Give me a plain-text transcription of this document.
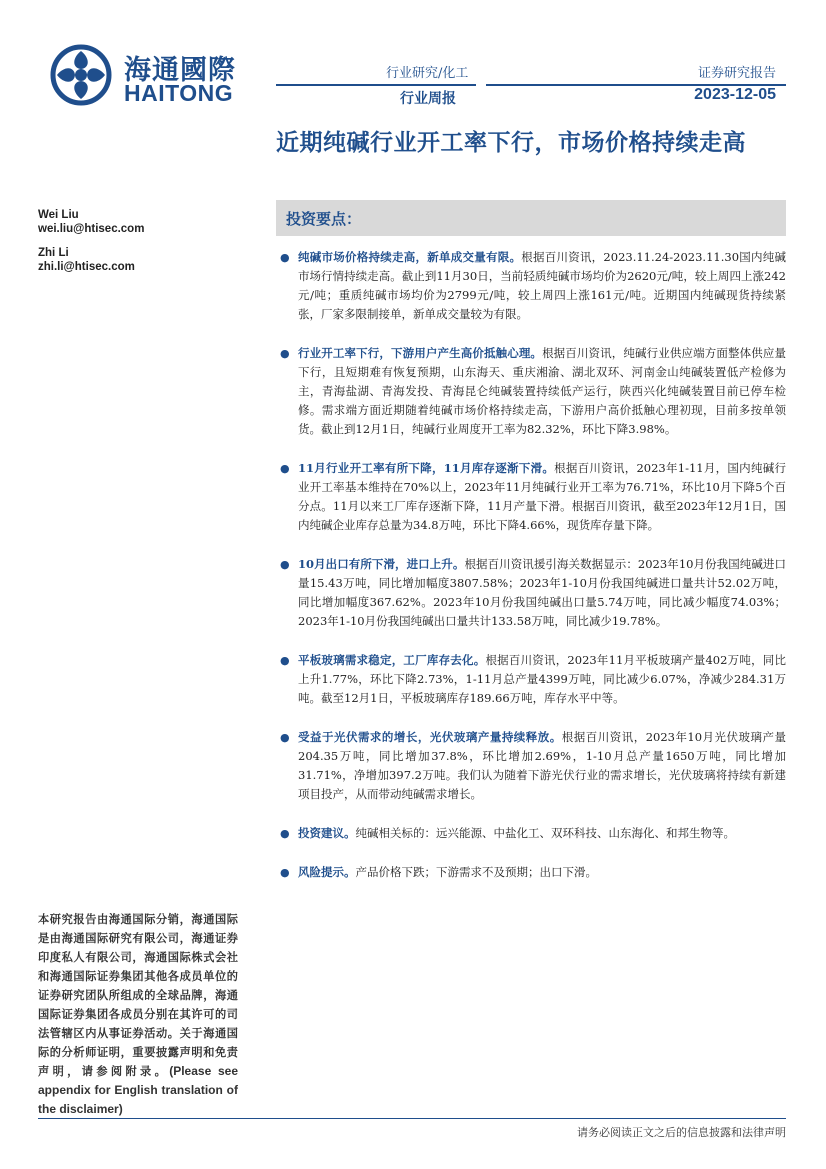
海通國際
HAITONG
行业研究/化工	证券研究报告
行业周报	2023-12-05
近期纯碱行业开工率下行，市场价格持续走高
Wei Liu
wei.liu@htisec.com
Zhi Li
zhi.li@htisec.com
投资要点：
● 纯碱市场价格持续走高，新单成交量有限。根据百川资讯，2023.11.24-2023.11.30国内纯碱市场行情持续走高。截止到11月30日，当前轻质纯碱市场均价为2620元/吨，较上周四上涨242元/吨；重质纯碱市场均价为2799元/吨，较上周四上涨161元/吨。近期国内纯碱现货持续紧张，厂家多限制接单，新单成交量较为有限。
● 行业开工率下行，下游用户产生高价抵触心理。根据百川资讯，纯碱行业供应端方面整体供应量下行，且短期难有恢复预期，山东海天、重庆湘渝、湖北双环、河南金山纯碱装置低产检修为主，青海盐湖、青海发投、青海昆仑纯碱装置持续低产运行，陕西兴化纯碱装置目前已停车检修。需求端方面近期随着纯碱市场价格持续走高，下游用户高价抵触心理初现，目前多按单领货。截止到12月1日，纯碱行业周度开工率为82.32%，环比下降3.98%。
● 11月行业开工率有所下降，11月库存逐渐下滑。根据百川资讯，2023年1-11月，国内纯碱行业开工率基本维持在70%以上，2023年11月纯碱行业开工率为76.71%，环比10月下降5个百分点。11月以来工厂库存逐渐下降，11月产量下滑。根据百川资讯，截至2023年12月1日，国内纯碱企业库存总量为34.8万吨，环比下降4.66%，现货库存量下降。
● 10月出口有所下滑，进口上升。根据百川资讯援引海关数据显示：2023年10月份我国纯碱进口量15.43万吨，同比增加幅度3807.58%；2023年1-10月份我国纯碱进口量共计52.02万吨，同比增加幅度367.62%。2023年10月份我国纯碱出口量5.74万吨，同比减少幅度74.03%；2023年1-10月份我国纯碱出口量共计133.58万吨，同比减少19.78%。
● 平板玻璃需求稳定，工厂库存去化。根据百川资讯，2023年11月平板玻璃产量402万吨，同比上升1.77%，环比下降2.73%，1-11月总产量4399万吨，同比减少6.07%，净减少284.31万吨。截至12月1日，平板玻璃库存189.66万吨，库存水平中等。
● 受益于光伏需求的增长，光伏玻璃产量持续释放。根据百川资讯，2023年10月光伏玻璃产量204.35万吨，同比增加37.8%，环比增加2.69%，1-10月总产量1650万吨，同比增加31.71%，净增加397.2万吨。我们认为随着下游光伏行业的需求增长，光伏玻璃将持续有新建项目投产，从而带动纯碱需求增长。
● 投资建议。纯碱相关标的：远兴能源、中盐化工、双环科技、山东海化、和邦生物等。
● 风险提示。产品价格下跌；下游需求不及预期；出口下滑。
本研究报告由海通国际分销，海通国际是由海通国际研究有限公司，海通证券印度私人有限公司，海通国际株式会社和海通国际证券集团其他各成员单位的证券研究团队所组成的全球品牌，海通国际证券集团各成员分别在其许可的司法管辖区内从事证券活动。关于海通国际的分析师证明，重要披露声明和免责声明，请参阅附录。(Please see appendix for English translation of the disclaimer)
请务必阅读正文之后的信息披露和法律声明
